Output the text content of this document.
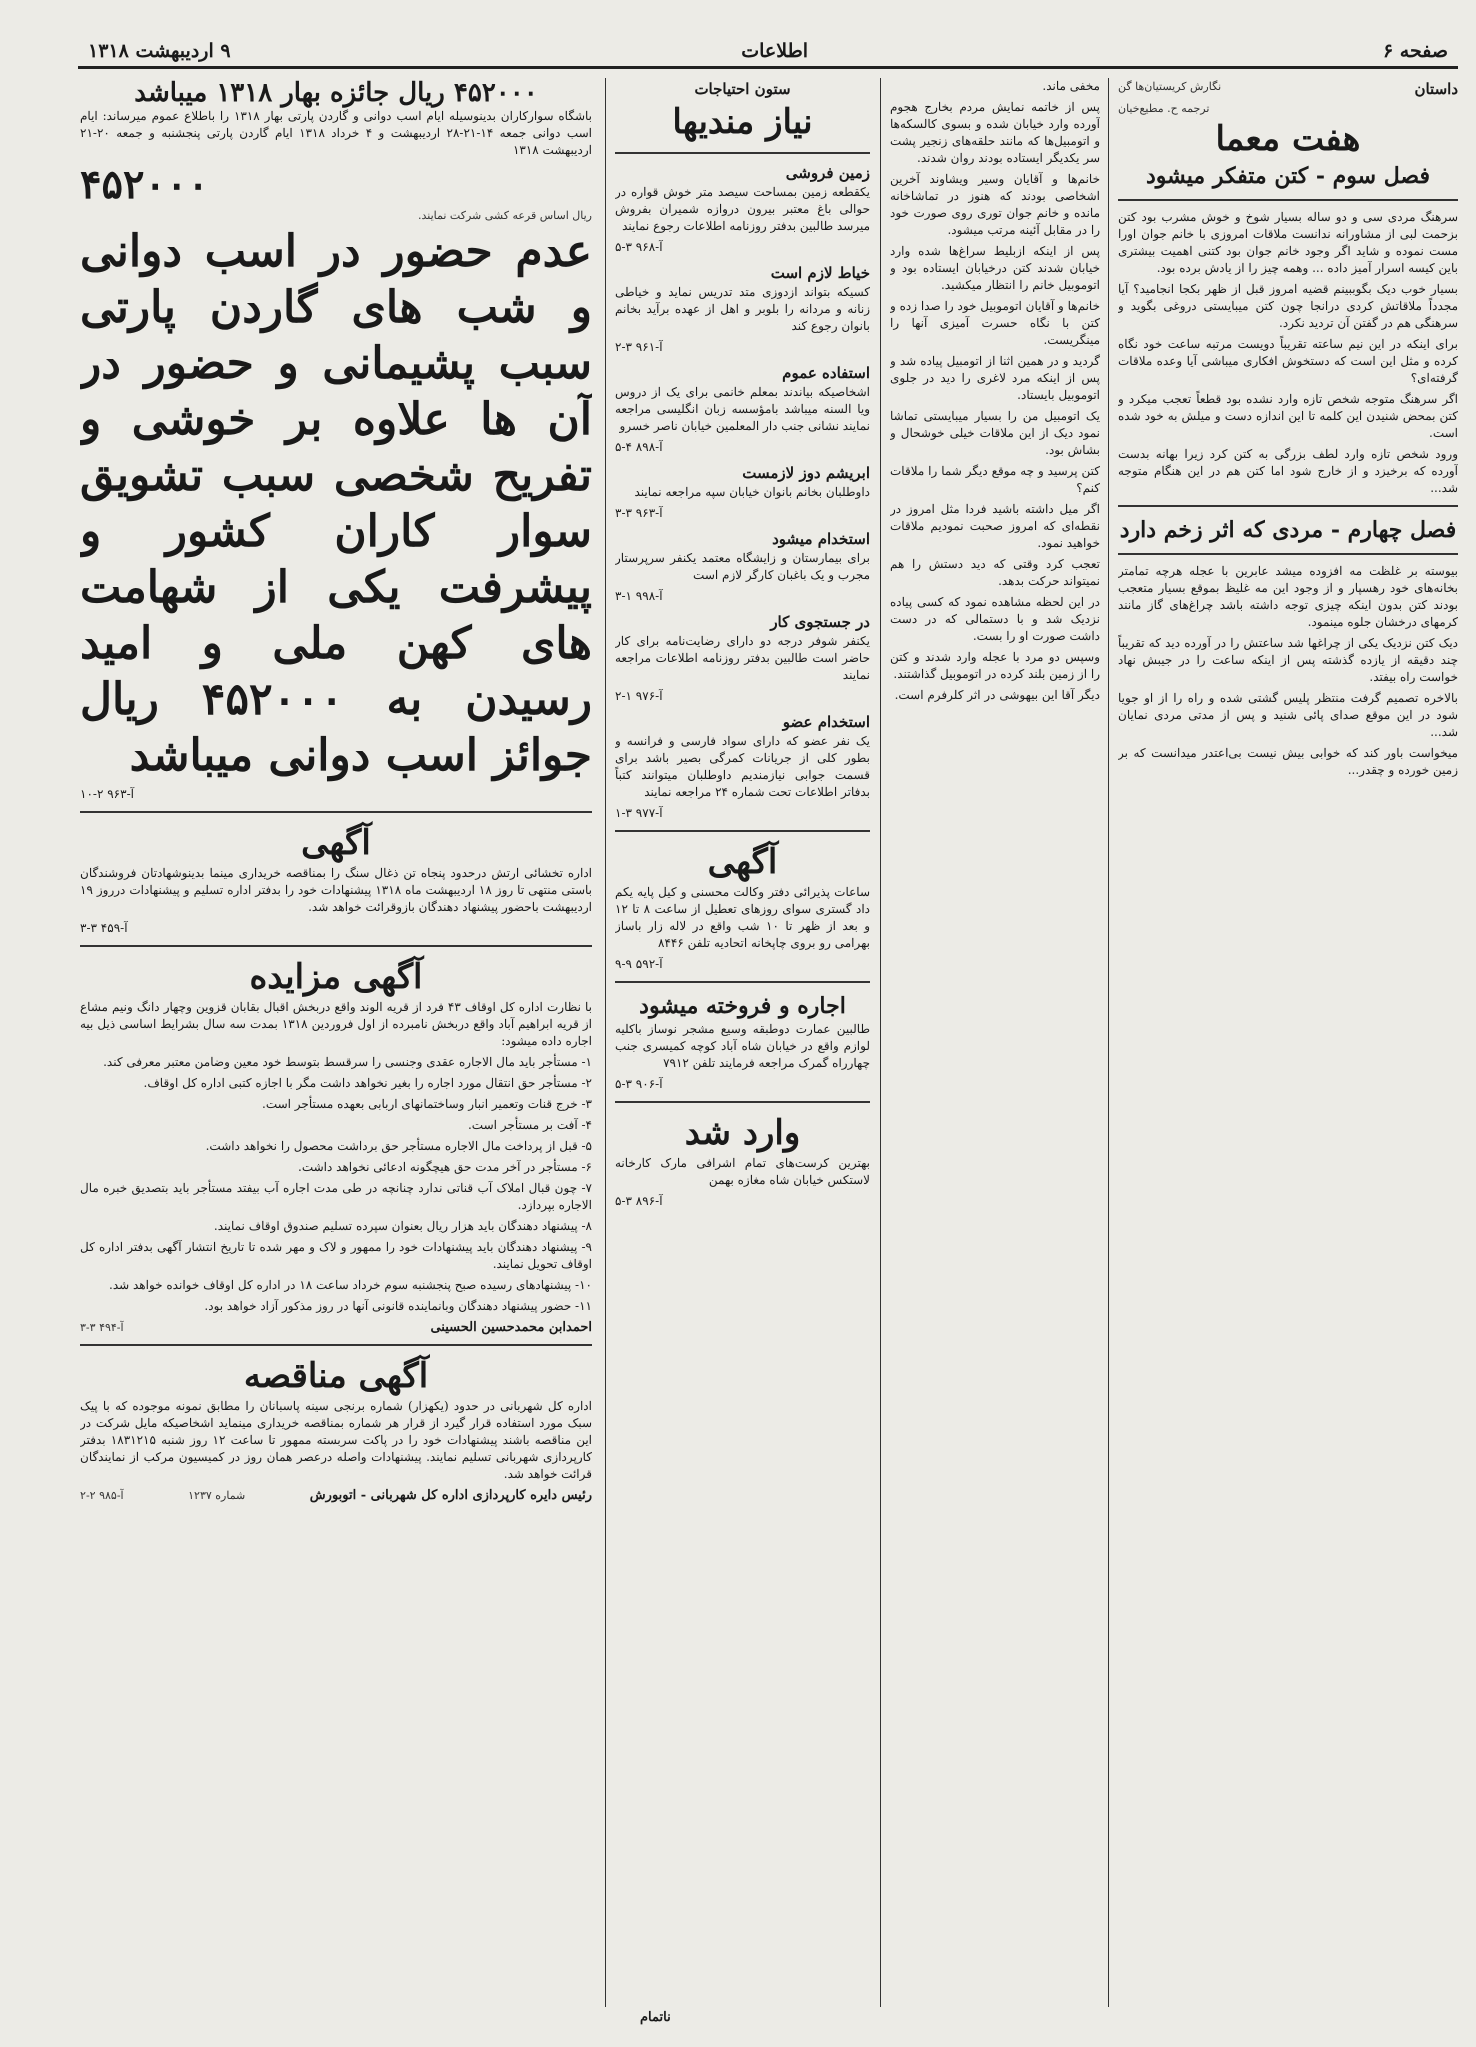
صفحه ۶
اطلاعات
۹ اردیبهشت ۱۳۱۸
داستان
نگارش کریستیان‌ها گن
ترجمه ح. مطیع‌خیان
هفت معما
فصل سوم - کتن متفکر میشود

سرهنگ مردی سی و دو ساله بسیار شوخ و خوش مشرب بود کتن بزحمت لبی از مشاورانه ندانست ملاقات امروزی با خانم جوان اورا مست نموده و شاید اگر وجود خانم جوان بود کتنی اهمیت بیشتری باین کیسه اسرار آمیز داده ... وهمه چیز را از یادش برده بود.

بسیار خوب دیک بگوببینم قضیه امروز قبل از ظهر بکجا انجامید؟ آیا مجدداً ملاقاتش کردی درانجا چون کتن میبایستی دروغی بگوید و سرهنگی هم در گفتن آن تردید نکرد.

برای اینکه در این نیم ساعته تقریباً دویست مرتبه ساعت خود نگاه کرده و مثل این است که دستخوش افکاری میباشی آیا وعده ملاقات گرفته‌ای؟

اگر سرهنگ متوجه شخص تازه وارد نشده بود قطعاً تعجب میکرد و کتن بمحض شنیدن این کلمه تا این اندازه دست و میلش به خود شده است.

ورود شخص تازه وارد لطف بزرگی به کتن کرد زیرا بهانه بدست آورده که برخیزد و از خارج شود اما کتن هم در این هنگام متوجه شد...

فصل چهارم - مردی که اثر زخم دارد

بیوسته بر غلظت مه افزوده میشد عابرین با عجله هرچه تمامتر بخانه‌های خود رهسپار و از وجود این مه غلیظ بموقع بسیار متعجب بودند کتن بدون اینکه چیزی توجه داشته باشد چراغ‌های گاز مانند کرمهای درخشان جلوه مینمود.

دیک کتن نزدیک یکی از چراغها شد ساعتش را در آورده دید که تقریباً چند دقیقه از یازده گذشته پس از اینکه ساعت را در جیبش نهاد خواست راه بیفتد.

بالاخره تصمیم گرفت منتظر پلیس گشتی شده و راه را از او جویا شود در این موقع صدای پائی شنید و پس از مدتی مردی نمایان شد...

میخواست باور کند که خوابی بیش نیست بی‌اعتدر میدانست که بر زمین خورده و چقدر...

مخفی ماند.

پس از خاتمه نمایش مردم بخارج هجوم آورده وارد خیابان شده و بسوی کالسکه‌ها و اتومبیل‌ها که مانند حلقه‌های زنجیر پشت سر یکدیگر ایستاده بودند روان شدند.

خانم‌ها و آقایان وسیر ویشاوند آخرین اشخاصی بودند که هنوز در تماشاخانه مانده و خانم جوان توری روی صورت خود را در مقابل آئینه مرتب میشود.

پس از اینکه ازبلیط سراغ‌ها شده وارد خیابان شدند کتن درخیابان ایستاده بود و اتوموبیل خانم را انتظار میکشید.

خانم‌ها و آقایان اتوموبیل خود را صدا زده و کتن با نگاه حسرت آمیزی آنها را مینگریست.

گردید و در همین اثنا از اتومبیل پیاده شد و پس از اینکه مرد لاغری را دید در جلوی اتوموبیل بایستاد.

یک اتومبیل من را بسیار میبایستی تماشا نمود دیک از این ملاقات خیلی خوشحال و بشاش بود.

کتن پرسید و چه موقع دیگر شما را ملاقات کنم؟

اگر میل داشته باشید فردا مثل امروز در نقطه‌ای که امروز صحبت نمودیم ملاقات خواهید نمود.

تعجب کرد وقتی که دید دستش را هم نمیتواند حرکت بدهد.

در این لحظه مشاهده نمود که کسی پیاده نزدیک شد و با دستمالی که در دست داشت صورت او را بست.

وسپس دو مرد با عجله وارد شدند و کتن را از زمین بلند کرده در اتوموبیل گذاشتند.

دیگر آقا این بیهوشی در اثر کلرفرم است.

ستون احتیاجات
نیاز مندیها
زمین فروشی

یکقطعه زمین بمساحت سیصد متر خوش قواره در حوالی باغ معتبر بیرون دروازه شمیران بفروش میرسد طالبین بدفتر روزنامه اطلاعات رجوع نمایند

آ-۹۶۸ ۳-۵
خیاط لازم است

کسیکه بتواند ازدوزی متد تدریس نماید و خیاطی زنانه و مردانه را بلوبر و اهل از عهده برآید بخانم بانوان رجوع کند

آ-۹۶۱ ۳-۲
استفاده عموم

اشخاصیکه بیاندند بمعلم خانمی برای یک از دروس ویا السنه میباشد بامؤسسه زبان انگلیسی مراجعه نمایند نشانی جنب دار المعلمین خیابان ناصر خسرو

آ-۸۹۸ ۴-۵
ابریشم دوز لازمست

داوطلبان بخانم بانوان خیابان سپه مراجعه نمایند

آ-۹۶۳ ۳-۳
استخدام میشود

برای بیمارستان و زایشگاه معتمد یکنفر سرپرستار مجرب و یک باغبان کارگر لازم است

آ-۹۹۸ ۱-۳
در جستجوی کار

یکنفر شوفر درجه دو دارای رضایت‌نامه برای کار حاضر است طالبین بدفتر روزنامه اطلاعات مراجعه نمایند

آ-۹۷۶ ۱-۲
استخدام عضو

یک نفر عضو که دارای سواد فارسی و فرانسه و بطور کلی از جریانات کمرگی بصیر باشد برای قسمت جوابی نیازمندیم داوطلبان میتوانند کتباً بدفاتر اطلاعات تحت شماره ۲۴ مراجعه نمایند

آ-۹۷۷ ۳-۱
آگهی

ساعات پذیرائی دفتر وکالت محسنی و کیل پایه یکم داد گستری سوای روزهای تعطیل از ساعت ۸ تا ۱۲ و بعد از ظهر تا ۱۰ شب واقع در لاله زار باساز بهرامی رو بروی چاپخانه اتحادیه تلفن ۸۴۴۶

آ-۵۹۲ ۹-۹
اجاره و فروخته میشود

طالبین عمارت دوطبقه وسیع مشجر نوساز باکلیه لوازم واقع در خیابان شاه آباد کوچه کمیسری جنب چهارراه گمرک مراجعه فرمایند تلفن ۷۹۱۲

آ-۹۰۶ ۳-۵
وارد شد

بهترین کرست‌های تمام اشرافی مارک کارخانه لاستکس خیابان شاه مغازه بهمن

آ-۸۹۶ ۳-۵
۴۵۲۰۰۰ ریال جائزه بهار ۱۳۱۸ میباشد

باشگاه سوارکاران بدینوسیله ایام اسب دوانی و گاردن پارتی بهار ۱۳۱۸ را باطلاع عموم میرساند: ایام اسب دوانی جمعه ۱۴-۲۱-۲۸ اردیبهشت و ۴ خرداد ۱۳۱۸ ایام گاردن پارتی پنجشنبه و جمعه ۲۰-۲۱ اردیبهشت ۱۳۱۸

۴۵۲۰۰۰
ریال اساس قرعه کشی شرکت نمایند.
عدم حضور در اسب دوانی و شب های گاردن پارتی سبب پشیمانی و حضور در آن ها علاوه بر خوشی و تفریح شخصی سبب تشویق سوار کاران کشور و پیشرفت یکی از شهامت های کهن ملی و امید رسیدن به ۴۵۲۰۰۰ ریال جوائز اسب دوانی میباشد
آ-۹۶۳ ۲-۱۰
آگهی

اداره تخشائی ارتش درحدود پنجاه تن ذغال سنگ را بمناقصه خریداری مینما بدینوشهادتان فروشندگان باستی منتهی تا روز ۱۸ اردیبهشت ماه ۱۳۱۸ پیشنهادات خود را بدفتر اداره تسلیم و پیشنهادات درروز ۱۹ اردیبهشت باحضور پیشنهاد دهندگان بازوقرائت خواهد شد.

آ-۴۵۹ ۳-۳
آگهی مزایده

با نظارت اداره کل اوقاف ۴۳ فرد از قریه الوند واقع دربخش اقبال بقابان قزوین وچهار دانگ ونیم مشاع از قریه ابراهیم آباد واقع دربخش نامبرده از اول فروردین ۱۳۱۸ بمدت سه سال بشرایط اساسی ذیل بیه اجاره داده میشود:

۱- مستأجر باید مال الاجاره عقدی وجنسی را سرقسط بتوسط خود معین وضامن معتبر معرفی کند.

۲- مستأجر حق انتقال مورد اجاره را بغیر نخواهد داشت مگر با اجازه کتبی اداره کل اوقاف.

۳- خرج قنات وتعمیر انبار وساختمانهای اربابی بعهده مستأجر است.

۴- آفت بر مستأجر است.

۵- قبل از پرداخت مال الاجاره مستأجر حق برداشت محصول را نخواهد داشت.

۶- مستأجر در آخر مدت حق هیچگونه ادعائی نخواهد داشت.

۷- چون قبال املاک آب قناتی ندارد چنانچه در طی مدت اجاره آب بیفتد مستأجر باید بتصدیق خبره مال الاجاره بپردازد.

۸- پیشنهاد دهندگان باید هزار ریال بعنوان سپرده تسلیم صندوق اوقاف نمایند.

۹- پیشنهاد دهندگان باید پیشنهادات خود را ممهور و لاک و مهر شده تا تاریخ انتشار آگهی بدفتر اداره کل اوقاف تحویل نمایند.

۱۰- پیشنهادهای رسیده صبح پنجشنبه سوم خرداد ساعت ۱۸ در اداره کل اوقاف خوانده خواهد شد.

۱۱- حضور پیشنهاد دهندگان وبانماینده قانونی آنها در روز مذکور آزاد خواهد بود.

احمدابن محمدحسین الحسینی
آ-۴۹۴ ۳-۳
آگهی مناقصه

اداره کل شهربانی در حدود (یکهزار) شماره برنجی سینه پاسبانان را مطابق نمونه موجوده که با پیک سبک مورد استفاده قرار گیرد از قرار هر شماره بمناقصه خریداری مینماید اشخاصیکه مایل شرکت در این مناقصه باشند پیشنهادات خود را در پاکت سربسته ممهور تا ساعت ۱۲ روز شنبه ۱۸۳۱۲۱۵ بدفتر کارپردازی شهربانی تسلیم نمایند. پیشنهادات واصله درعصر همان روز در کمیسیون مرکب از نمایندگان قرائت خواهد شد.

رئیس دایره کارپردازی اداره کل شهربانی - اتوبورش
شماره ۱۲۳۷
آ-۹۸۵ ۲-۲
ناتمام
